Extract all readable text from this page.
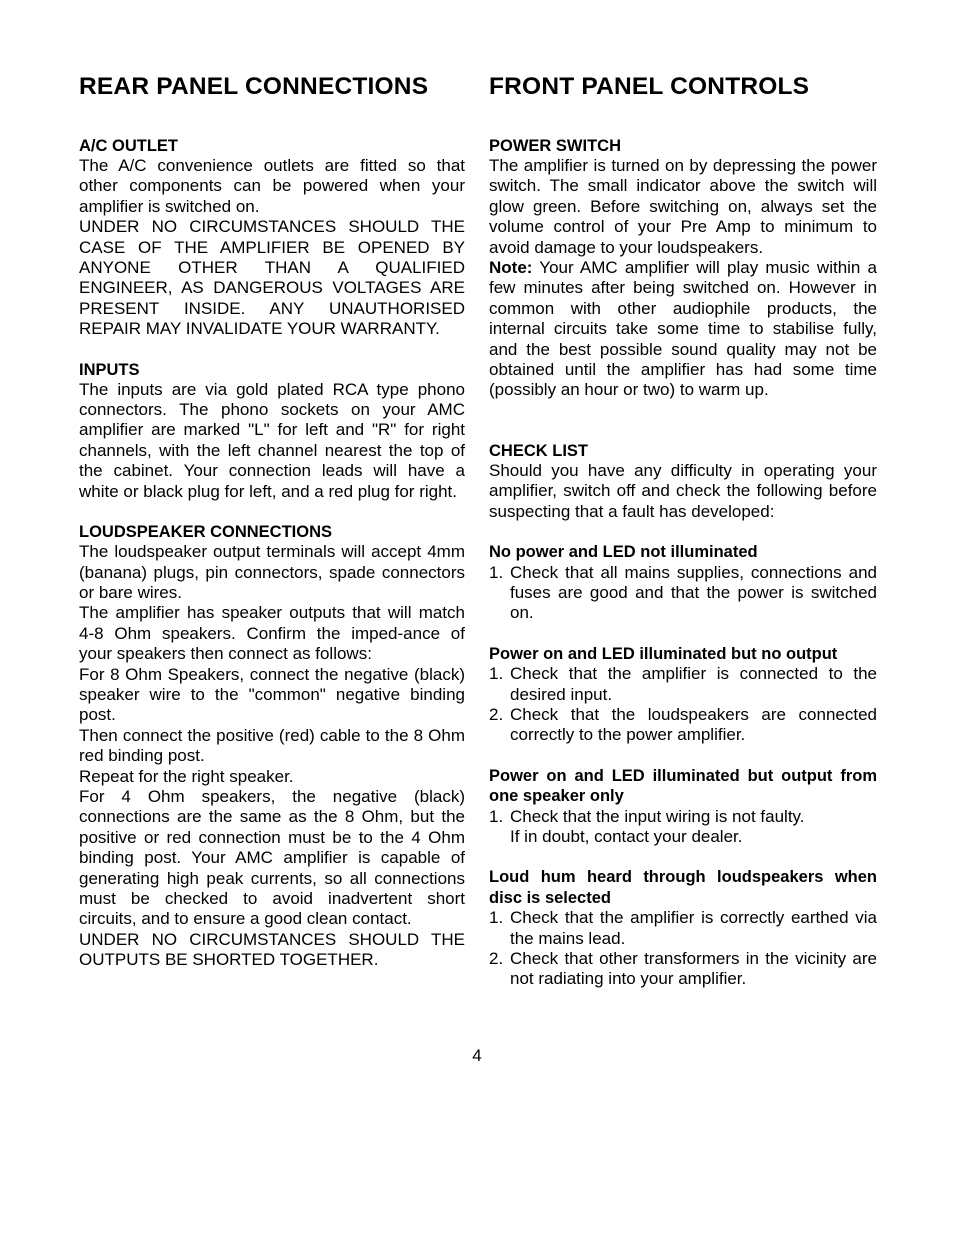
REAR PANEL CONNECTIONS
A/C OUTLET

The A/C convenience outlets are fitted so that other components can be powered when your amplifier is switched on.

UNDER NO CIRCUMSTANCES SHOULD THE CASE OF THE AMPLIFIER BE OPENED BY ANYONE OTHER THAN A QUALIFIED ENGINEER, AS DANGEROUS VOLTAGES ARE PRESENT INSIDE. ANY UNAUTHORISED REPAIR MAY INVALIDATE YOUR WARRANTY.

INPUTS

The inputs are via gold plated RCA type phono connectors. The phono sockets on your AMC amplifier are marked "L" for left and "R" for right channels, with the left channel nearest the top of the cabinet. Your connection leads will have a white or black plug for left, and a red plug for right.

LOUDSPEAKER CONNECTIONS

The loudspeaker output terminals will accept 4mm (banana) plugs, pin connectors, spade connectors or bare wires.

The amplifier has speaker outputs that will match 4-8 Ohm speakers. Confirm the imped-ance of your speakers then connect as follows:

For 8 Ohm Speakers, connect the negative (black) speaker wire to the "common" negative binding post.

Then connect the positive (red) cable to the 8 Ohm red binding post.

Repeat for the right speaker.

For 4 Ohm speakers, the negative (black) connections are the same as the 8 Ohm, but the positive or red connection must be to the 4 Ohm binding post. Your AMC amplifier is capable of generating high peak currents, so all connections must be checked to avoid inadvertent short circuits, and to ensure a good clean contact.

UNDER NO CIRCUMSTANCES SHOULD THE OUTPUTS BE SHORTED TOGETHER.

FRONT PANEL CONTROLS
POWER SWITCH

The amplifier is turned on by depressing the power switch. The small indicator above the switch will glow green. Before switching on, always set the volume control of your Pre Amp to minimum to avoid damage to your loudspeakers.

Note: Your AMC amplifier will play music within a few minutes after being switched on. However in common with other audiophile products, the internal circuits take some time to stabilise fully, and the best possible sound quality may not be obtained until the amplifier has had some time (possibly an hour or two) to warm up.

CHECK LIST

Should you have any difficulty in operating your amplifier, switch off and check the following before suspecting that a fault has developed:

No power and LED not illuminated
1. Check that all mains supplies, connections and fuses are good and that the power is switched on.
Power on and LED illuminated but no output
1. Check that the amplifier is connected to the desired input.
2. Check that the loudspeakers are connected correctly to the power amplifier.
Power on and LED illuminated but output from one speaker only
1. Check that the input wiring is not faulty.
If in doubt, contact your dealer.
Loud hum heard through loudspeakers when disc is selected
1. Check that the amplifier is correctly earthed via the mains lead.
2. Check that other transformers in the vicinity are not radiating into your amplifier.
4
